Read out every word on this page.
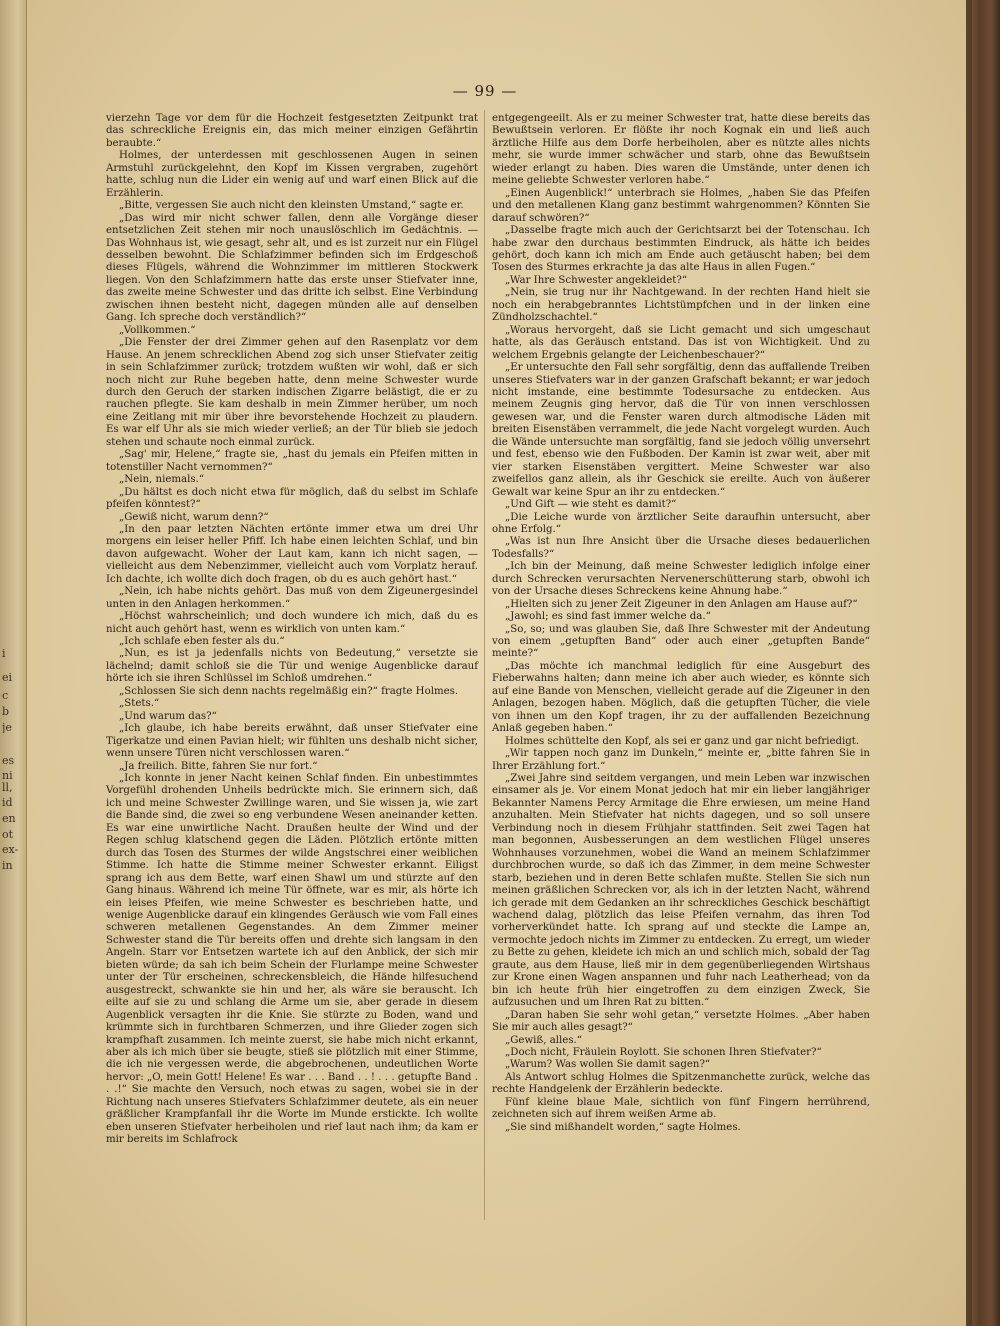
i
ei
c
b
je
es
ni
ll,
id
en
ot
ex-
in
— 99 —

vierzehn Tage vor dem für die Hochzeit festgesetzten Zeitpunkt trat das schreckliche Ereignis ein, das mich meiner einzigen Gefährtin beraubte.“

Holmes, der unterdessen mit geschlossenen Augen in seinen Armstuhl zurückgelehnt, den Kopf im Kissen vergraben, zugehört hatte, schlug nun die Lider ein wenig auf und warf einen Blick auf die Erzählerin.

„Bitte, vergessen Sie auch nicht den kleinsten Umstand,“ sagte er.

„Das wird mir nicht schwer fallen, denn alle Vorgänge dieser entsetzlichen Zeit stehen mir noch unauslöschlich im Gedächtnis. — Das Wohnhaus ist, wie gesagt, sehr alt, und es ist zurzeit nur ein Flügel desselben bewohnt. Die Schlafzimmer befinden sich im Erdgeschoß dieses Flügels, während die Wohnzimmer im mittleren Stockwerk liegen. Von den Schlafzimmern hatte das erste unser Stiefvater inne, das zweite meine Schwester und das dritte ich selbst. Eine Verbindung zwischen ihnen besteht nicht, dagegen münden alle auf denselben Gang. Ich spreche doch verständlich?“

„Vollkommen.“

„Die Fenster der drei Zimmer gehen auf den Rasenplatz vor dem Hause. An jenem schrecklichen Abend zog sich unser Stiefvater zeitig in sein Schlafzimmer zurück; trotzdem wußten wir wohl, daß er sich noch nicht zur Ruhe begeben hatte, denn meine Schwester wurde durch den Geruch der starken indischen Zigarre belästigt, die er zu rauchen pflegte. Sie kam deshalb in mein Zimmer herüber, um noch eine Zeitlang mit mir über ihre bevorstehende Hochzeit zu plaudern. Es war elf Uhr als sie mich wieder verließ; an der Tür blieb sie jedoch stehen und schaute noch einmal zurück.

„Sag' mir, Helene,“ fragte sie, „hast du jemals ein Pfeifen mitten in totenstiller Nacht vernommen?“

„Nein, niemals.“

„Du hältst es doch nicht etwa für möglich, daß du selbst im Schlafe pfeifen könntest?“

„Gewiß nicht, warum denn?“

„In den paar letzten Nächten ertönte immer etwa um drei Uhr morgens ein leiser heller Pfiff. Ich habe einen leichten Schlaf, und bin davon aufgewacht. Woher der Laut kam, kann ich nicht sagen, — vielleicht aus dem Nebenzimmer, vielleicht auch vom Vorplatz herauf. Ich dachte, ich wollte dich doch fragen, ob du es auch gehört hast.“

„Nein, ich habe nichts gehört. Das muß von dem Zigeunergesindel unten in den Anlagen herkommen.“

„Höchst wahrscheinlich; und doch wundere ich mich, daß du es nicht auch gehört hast, wenn es wirklich von unten kam.“

„Ich schlafe eben fester als du.“

„Nun, es ist ja jedenfalls nichts von Bedeutung,“ versetzte sie lächelnd; damit schloß sie die Tür und wenige Augenblicke darauf hörte ich sie ihren Schlüssel im Schloß umdrehen.“

„Schlossen Sie sich denn nachts regelmäßig ein?“ fragte Holmes.

„Stets.“

„Und warum das?“

„Ich glaube, ich habe bereits erwähnt, daß unser Stiefvater eine Tigerkatze und einen Pavian hielt; wir fühlten uns deshalb nicht sicher, wenn unsere Türen nicht verschlossen waren.“

„Ja freilich. Bitte, fahren Sie nur fort.“

„Ich konnte in jener Nacht keinen Schlaf finden. Ein unbestimmtes Vorgefühl drohenden Unheils bedrückte mich. Sie erinnern sich, daß ich und meine Schwester Zwillinge waren, und Sie wissen ja, wie zart die Bande sind, die zwei so eng verbundene Wesen aneinander ketten. Es war eine unwirtliche Nacht. Draußen heulte der Wind und der Regen schlug klatschend gegen die Läden. Plötzlich ertönte mitten durch das Tosen des Sturmes der wilde Angstschrei einer weiblichen Stimme. Ich hatte die Stimme meiner Schwester erkannt. Eiligst sprang ich aus dem Bette, warf einen Shawl um und stürzte auf den Gang hinaus. Während ich meine Tür öffnete, war es mir, als hörte ich ein leises Pfeifen, wie meine Schwester es beschrieben hatte, und wenige Augenblicke darauf ein klingendes Geräusch wie vom Fall eines schweren metallenen Gegenstandes. An dem Zimmer meiner Schwester stand die Tür bereits offen und drehte sich langsam in den Angeln. Starr vor Entsetzen wartete ich auf den Anblick, der sich mir bieten würde; da sah ich beim Schein der Flurlampe meine Schwester unter der Tür erscheinen, schreckensbleich, die Hände hilfesuchend ausgestreckt, schwankte sie hin und her, als wäre sie berauscht. Ich eilte auf sie zu und schlang die Arme um sie, aber gerade in diesem Augenblick versagten ihr die Knie. Sie stürzte zu Boden, wand und krümmte sich in furchtbaren Schmerzen, und ihre Glieder zogen sich krampfhaft zusammen. Ich meinte zuerst, sie habe mich nicht erkannt, aber als ich mich über sie beugte, stieß sie plötzlich mit einer Stimme, die ich nie vergessen werde, die abgebrochenen, undeutlichen Worte hervor: „O, mein Gott! Helene! Es war . . . Band . . ! . . . getupfte Band . . .!“ Sie machte den Versuch, noch etwas zu sagen, wobei sie in der Richtung nach unseres Stiefvaters Schlafzimmer deutete, als ein neuer gräßlicher Krampfanfall ihr die Worte im Munde erstickte. Ich wollte eben unseren Stiefvater herbeiholen und rief laut nach ihm; da kam er mir bereits im Schlafrock

entgegengeeilt. Als er zu meiner Schwester trat, hatte diese bereits das Bewußtsein verloren. Er flößte ihr noch Kognak ein und ließ auch ärztliche Hilfe aus dem Dorfe herbeiholen, aber es nützte alles nichts mehr, sie wurde immer schwächer und starb, ohne das Bewußtsein wieder erlangt zu haben. Dies waren die Umstände, unter denen ich meine geliebte Schwester verloren habe.“

„Einen Augenblick!“ unterbrach sie Holmes, „haben Sie das Pfeifen und den metallenen Klang ganz bestimmt wahrgenommen? Könnten Sie darauf schwören?“

„Dasselbe fragte mich auch der Gerichtsarzt bei der Totenschau. Ich habe zwar den durchaus bestimmten Eindruck, als hätte ich beides gehört, doch kann ich mich am Ende auch getäuscht haben; bei dem Tosen des Sturmes erkrachte ja das alte Haus in allen Fugen.“

„War Ihre Schwester angekleidet?“

„Nein, sie trug nur ihr Nachtgewand. In der rechten Hand hielt sie noch ein herabgebranntes Lichtstümpfchen und in der linken eine Zündholzschachtel.“

„Woraus hervorgeht, daß sie Licht gemacht und sich umgeschaut hatte, als das Geräusch entstand. Das ist von Wichtigkeit. Und zu welchem Ergebnis gelangte der Leichenbeschauer?“

„Er untersuchte den Fall sehr sorgfältig, denn das auffallende Treiben unseres Stiefvaters war in der ganzen Grafschaft bekannt; er war jedoch nicht imstande, eine bestimmte Todesursache zu entdecken. Aus meinem Zeugnis ging hervor, daß die Tür von innen verschlossen gewesen war, und die Fenster waren durch altmodische Läden mit breiten Eisenstäben verrammelt, die jede Nacht vorgelegt wurden. Auch die Wände untersuchte man sorgfältig, fand sie jedoch völlig unversehrt und fest, ebenso wie den Fußboden. Der Kamin ist zwar weit, aber mit vier starken Eisenstäben vergittert. Meine Schwester war also zweifellos ganz allein, als ihr Geschick sie ereilte. Auch von äußerer Gewalt war keine Spur an ihr zu entdecken.“

„Und Gift — wie steht es damit?“

„Die Leiche wurde von ärztlicher Seite daraufhin untersucht, aber ohne Erfolg.“

„Was ist nun Ihre Ansicht über die Ursache dieses bedauerlichen Todesfalls?“

„Ich bin der Meinung, daß meine Schwester lediglich infolge einer durch Schrecken verursachten Nervenerschütterung starb, obwohl ich von der Ursache dieses Schreckens keine Ahnung habe.“

„Hielten sich zu jener Zeit Zigeuner in den Anlagen am Hause auf?“

„Jawohl; es sind fast immer welche da.“

„So, so; und was glauben Sie, daß Ihre Schwester mit der Andeutung von einem „getupften Band“ oder auch einer „getupften Bande“ meinte?“

„Das möchte ich manchmal lediglich für eine Ausgeburt des Fieberwahns halten; dann meine ich aber auch wieder, es könnte sich auf eine Bande von Menschen, vielleicht gerade auf die Zigeuner in den Anlagen, bezogen haben. Möglich, daß die getupften Tücher, die viele von ihnen um den Kopf tragen, ihr zu der auffallenden Bezeichnung Anlaß gegeben haben.“

Holmes schüttelte den Kopf, als sei er ganz und gar nicht befriedigt.

„Wir tappen noch ganz im Dunkeln,“ meinte er, „bitte fahren Sie in Ihrer Erzählung fort.“

„Zwei Jahre sind seitdem vergangen, und mein Leben war inzwischen einsamer als je. Vor einem Monat jedoch hat mir ein lieber langjähriger Bekannter Namens Percy Armitage die Ehre erwiesen, um meine Hand anzuhalten. Mein Stiefvater hat nichts dagegen, und so soll unsere Verbindung noch in diesem Frühjahr stattfinden. Seit zwei Tagen hat man begonnen, Ausbesserungen an dem westlichen Flügel unseres Wohnhauses vorzunehmen, wobei die Wand an meinem Schlafzimmer durchbrochen wurde, so daß ich das Zimmer, in dem meine Schwester starb, beziehen und in deren Bette schlafen mußte. Stellen Sie sich nun meinen gräßlichen Schrecken vor, als ich in der letzten Nacht, während ich gerade mit dem Gedanken an ihr schreckliches Geschick beschäftigt wachend dalag, plötzlich das leise Pfeifen vernahm, das ihren Tod vorherverkündet hatte. Ich sprang auf und steckte die Lampe an, vermochte jedoch nichts im Zimmer zu entdecken. Zu erregt, um wieder zu Bette zu gehen, kleidete ich mich an und schlich mich, sobald der Tag graute, aus dem Hause, ließ mir in dem gegenüberliegenden Wirtshaus zur Krone einen Wagen anspannen und fuhr nach Leatherhead; von da bin ich heute früh hier eingetroffen zu dem einzigen Zweck, Sie aufzusuchen und um Ihren Rat zu bitten.“

„Daran haben Sie sehr wohl getan,“ versetzte Holmes. „Aber haben Sie mir auch alles gesagt?“

„Gewiß, alles.“

„Doch nicht, Fräulein Roylott. Sie schonen Ihren Stiefvater?“

„Warum? Was wollen Sie damit sagen?“

Als Antwort schlug Holmes die Spitzenmanchette zurück, welche das rechte Handgelenk der Erzählerin bedeckte.

Fünf kleine blaue Male, sichtlich von fünf Fingern herrührend, zeichneten sich auf ihrem weißen Arme ab.

„Sie sind mißhandelt worden,“ sagte Holmes.
